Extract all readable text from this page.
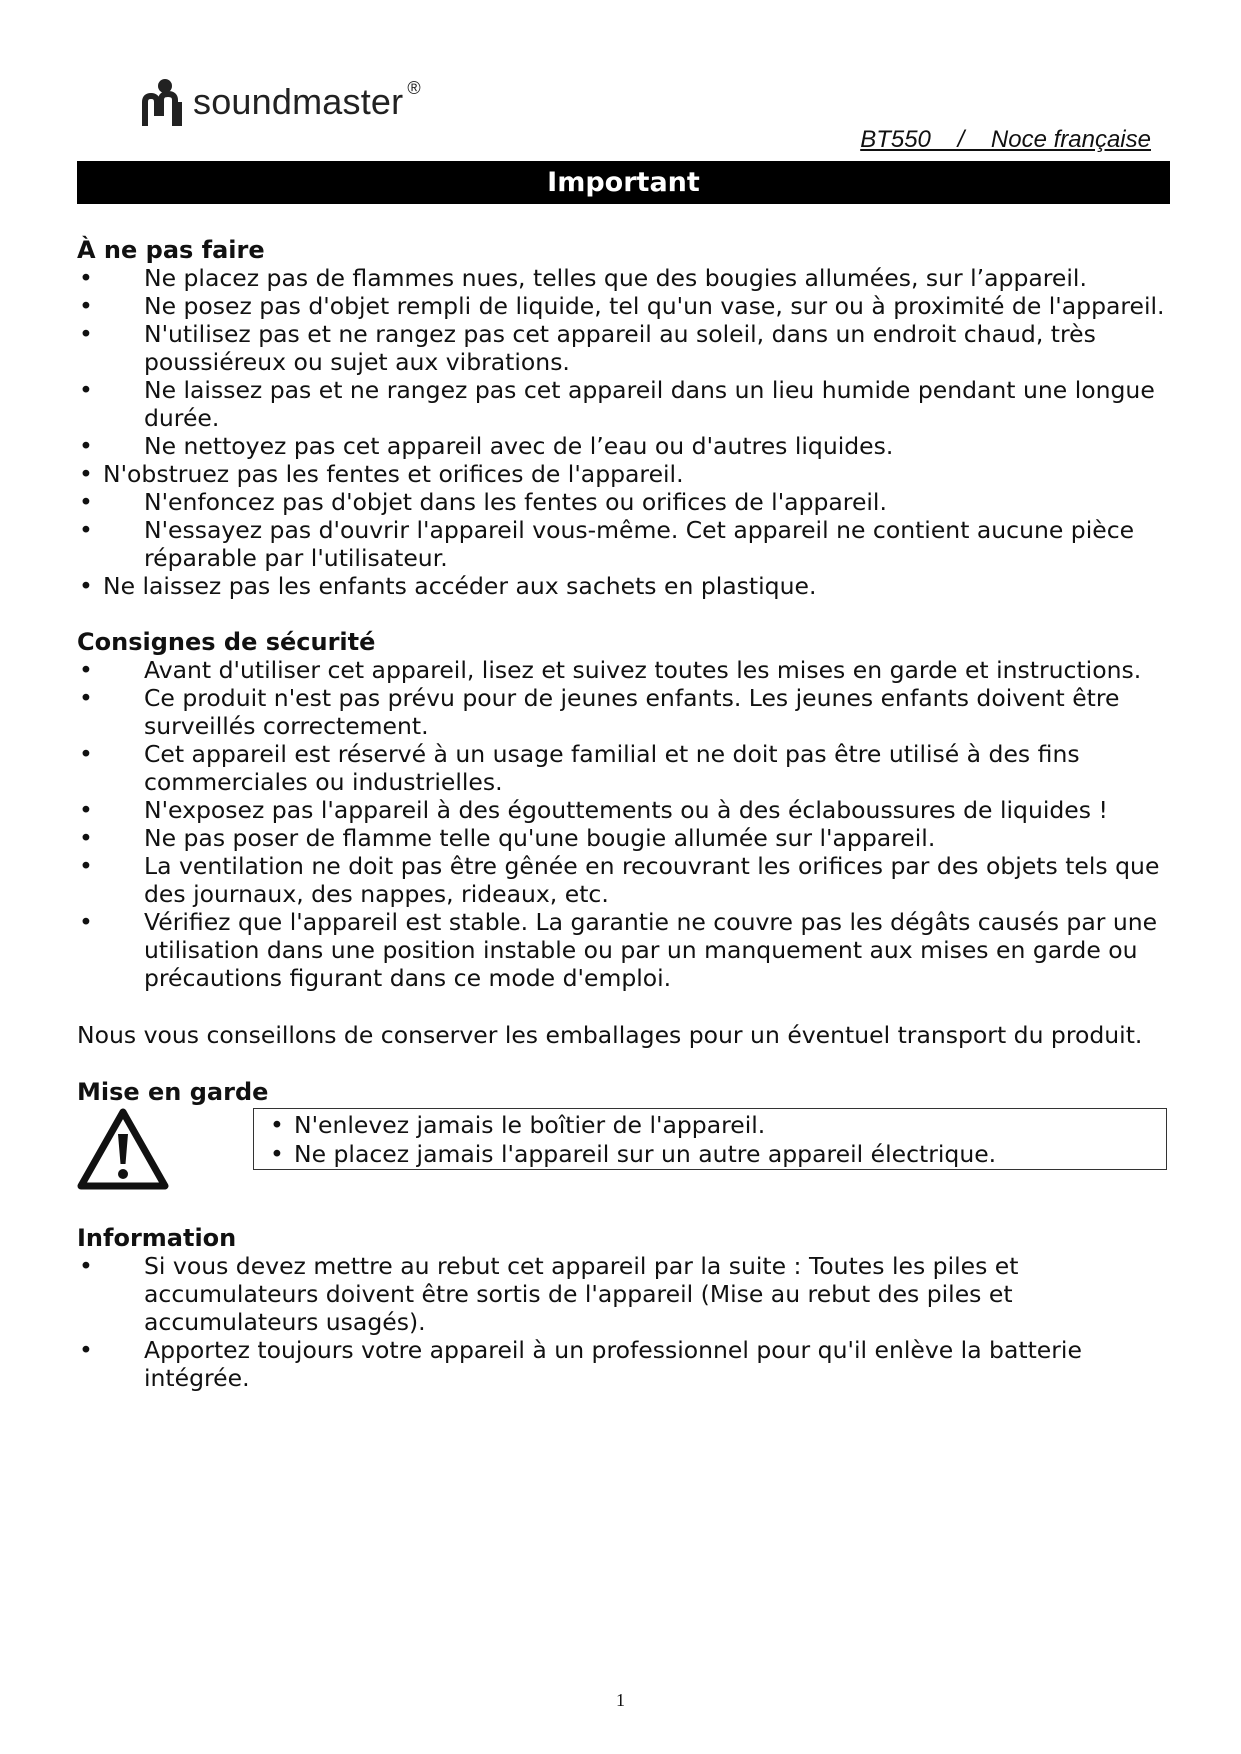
soundmaster ®
BT550    /    Noce française
Important
À ne pas faire
• Ne placez pas de flammes nues, telles que des bougies allumées, sur l’appareil.
• Ne posez pas d'objet rempli de liquide, tel qu'un vase, sur ou à proximité de l'appareil.
• N'utilisez pas et ne rangez pas cet appareil au soleil, dans un endroit chaud, très poussiéreux ou sujet aux vibrations.
• Ne laissez pas et ne rangez pas cet appareil dans un lieu humide pendant une longue durée.
• Ne nettoyez pas cet appareil avec de l’eau ou d'autres liquides.
• N'obstruez pas les fentes et orifices de l'appareil.
• N'enfoncez pas d'objet dans les fentes ou orifices de l'appareil.
• N'essayez pas d'ouvrir l'appareil vous-même. Cet appareil ne contient aucune pièce réparable par l'utilisateur.
• Ne laissez pas les enfants accéder aux sachets en plastique.
Consignes de sécurité
• Avant d'utiliser cet appareil, lisez et suivez toutes les mises en garde et instructions.
• Ce produit n'est pas prévu pour de jeunes enfants. Les jeunes enfants doivent être surveillés correctement.
• Cet appareil est réservé à un usage familial et ne doit pas être utilisé à des fins commerciales ou industrielles.
• N'exposez pas l'appareil à des égouttements ou à des éclaboussures de liquides !
• Ne pas poser de flamme telle qu'une bougie allumée sur l'appareil.
• La ventilation ne doit pas être gênée en recouvrant les orifices par des objets tels que des journaux, des nappes, rideaux, etc.
• Vérifiez que l'appareil est stable. La garantie ne couvre pas les dégâts causés par une utilisation dans une position instable ou par un manquement aux mises en garde ou précautions figurant dans ce mode d'emploi.

Nous vous conseillons de conserver les emballages pour un éventuel transport du produit.

Mise en garde
• N'enlevez jamais le boîtier de l'appareil.
• Ne placez jamais l'appareil sur un autre appareil électrique.
Information
• Si vous devez mettre au rebut cet appareil par la suite : Toutes les piles et accumulateurs doivent être sortis de l'appareil (Mise au rebut des piles et accumulateurs usagés).
• Apportez toujours votre appareil à un professionnel pour qu'il enlève la batterie intégrée.
1
